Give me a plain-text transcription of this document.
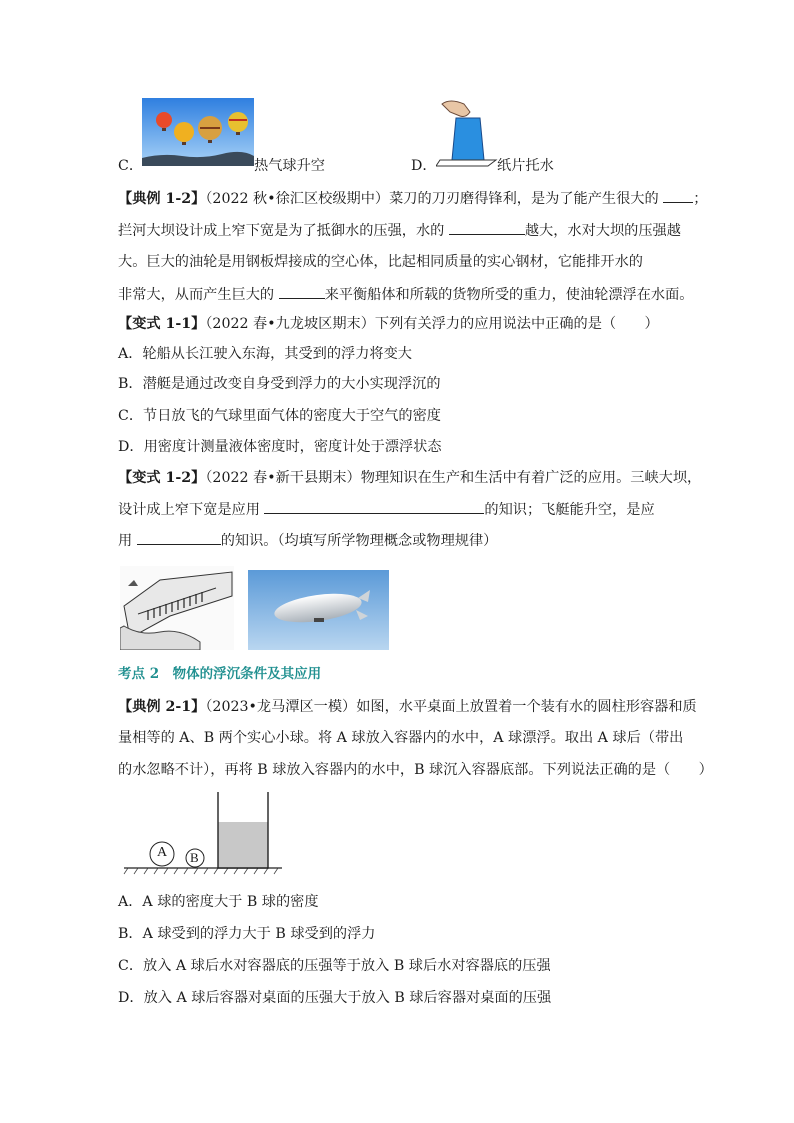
C．	热气球升空	D．	纸片托水
【典例 1-2】（2022 秋•徐汇区校级期中）菜刀的刀刃磨得锋利，是为了能产生很大的 ；
拦河大坝设计成上窄下宽是为了抵御水的压强，水的	越大，水对大坝的压强越
大。巨大的油轮是用钢板焊接成的空心体，比起相同质量的实心钢材，它能排开水的
非常大，从而产生巨大的	来平衡船体和所载的货物所受的重力，使油轮漂浮在水面。
【变式 1-1】（2022 春•九龙坡区期末）下列有关浮力的应用说法中正确的是（　　）
A．轮船从长江驶入东海，其受到的浮力将变大
B．潜艇是通过改变自身受到浮力的大小实现浮沉的
C．节日放飞的气球里面气体的密度大于空气的密度
D．用密度计测量液体密度时，密度计处于漂浮状态
【变式 1-2】（2022 春•新干县期末）物理知识在生产和生活中有着广泛的应用。三峡大坝，
设计成上窄下宽是应用	的知识；飞艇能升空，是应
用	的知识。（均填写所学物理概念或物理规律）
考点 2　物体的浮沉条件及其应用
【典例 2-1】（2023•龙马潭区一模）如图，水平桌面上放置着一个装有水的圆柱形容器和质
量相等的 A、B 两个实心小球。将 A 球放入容器内的水中，A 球漂浮。取出 A 球后（带出
的水忽略不计），再将 B 球放入容器内的水中，B 球沉入容器底部。下列说法正确的是（　　）
A B
A．A 球的密度大于 B 球的密度
B．A 球受到的浮力大于 B 球受到的浮力
C．放入 A 球后水对容器底的压强等于放入 B 球后水对容器底的压强
D．放入 A 球后容器对桌面的压强大于放入 B 球后容器对桌面的压强
